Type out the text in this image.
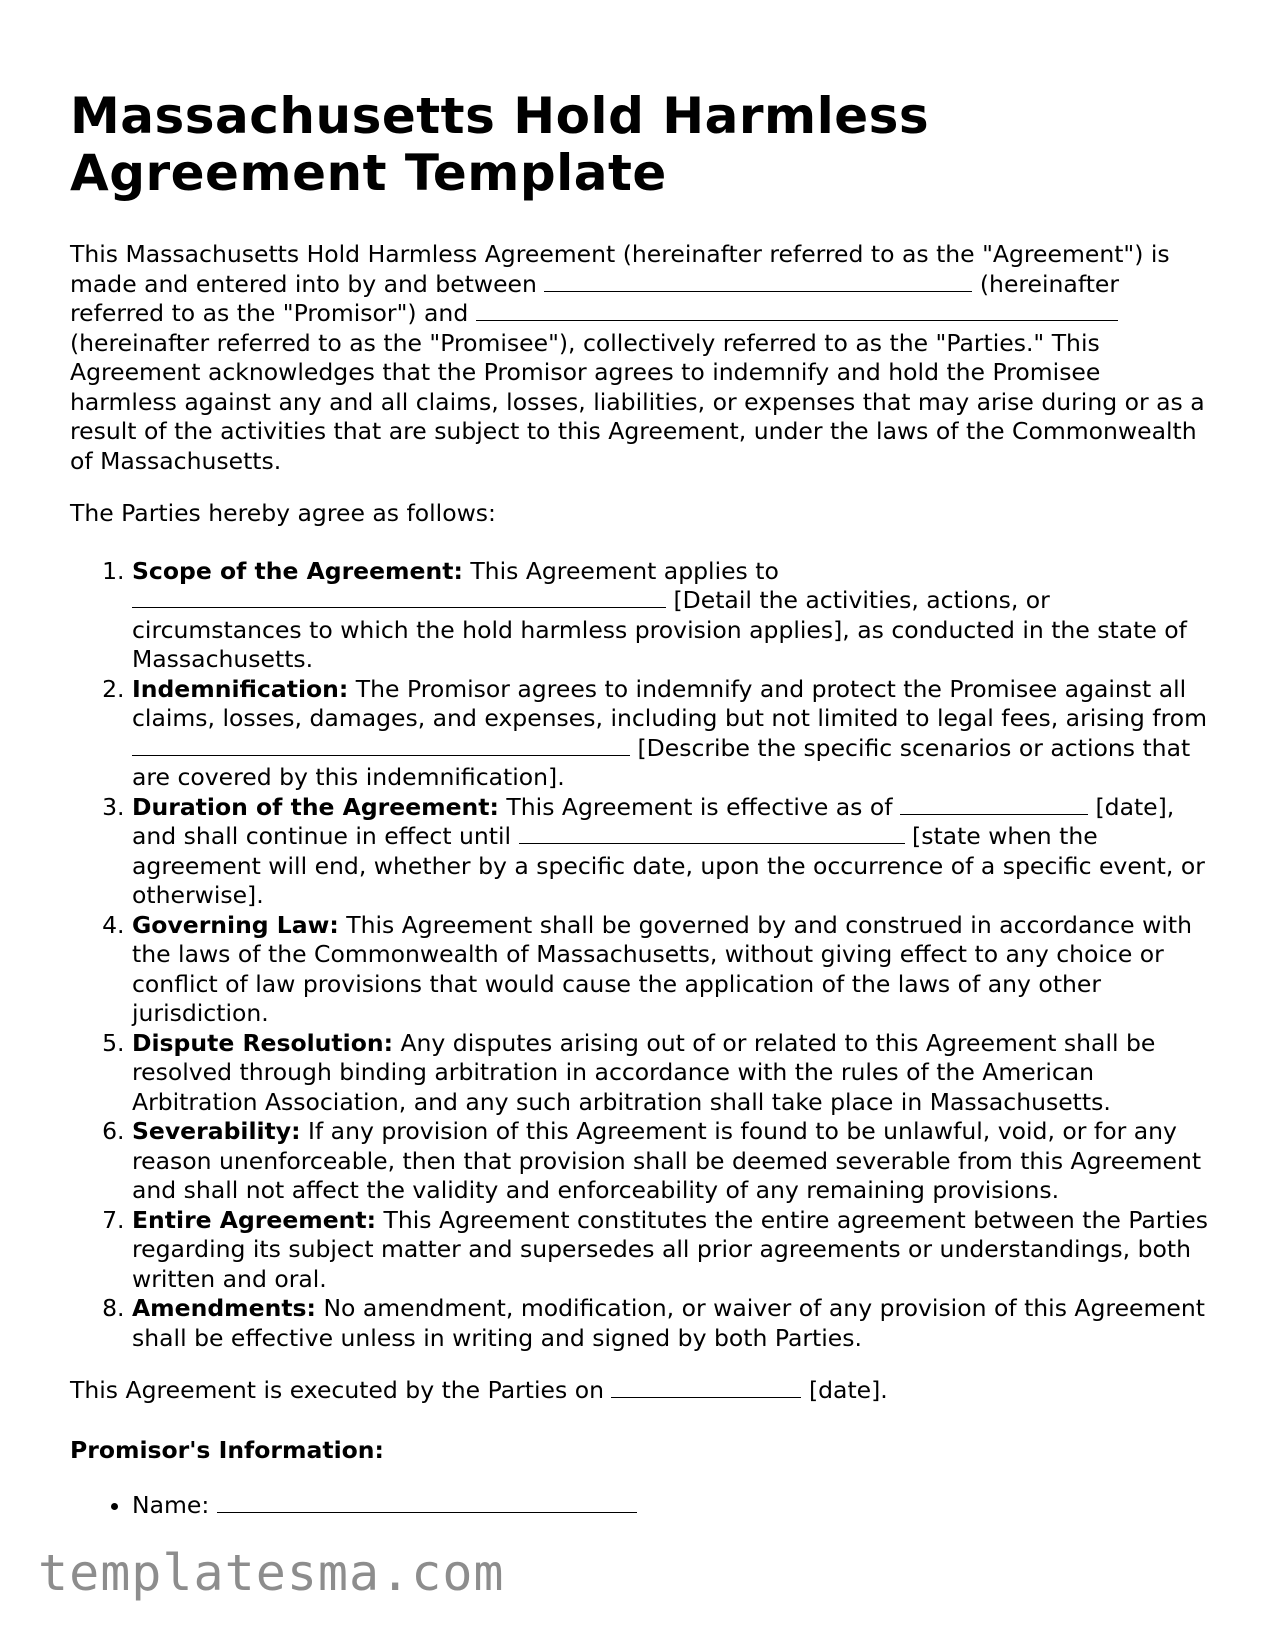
Massachusetts Hold Harmless Agreement Template

This Massachusetts Hold Harmless Agreement (hereinafter referred to as the "Agreement") is made and entered into by and between	(hereinafter referred to as the "Promisor") and  (hereinafter referred to as the "Promisee"), collectively referred to as the "Parties." This Agreement acknowledges that the Promisor agrees to indemnify and hold the Promisee harmless against any and all claims, losses, liabilities, or expenses that may arise during or as a result of the activities that are subject to this Agreement, under the laws of the Commonwealth of Massachusetts.

The Parties hereby agree as follows:

1. Scope of the Agreement: This Agreement applies to  [Detail the activities, actions, or circumstances to which the hold harmless provision applies], as conducted in the state of Massachusetts.
2. Indemnification: The Promisor agrees to indemnify and protect the Promisee against all claims, losses, damages, and expenses, including but not limited to legal fees, arising from  [Describe the specific scenarios or actions that are covered by this indemnification].
3. Duration of the Agreement: This Agreement is effective as of	[date], and shall continue in effect until	[state when the agreement will end, whether by a specific date, upon the occurrence of a specific event, or otherwise].
4. Governing Law: This Agreement shall be governed by and construed in accordance with the laws of the Commonwealth of Massachusetts, without giving effect to any choice or conflict of law provisions that would cause the application of the laws of any other jurisdiction.
5. Dispute Resolution: Any disputes arising out of or related to this Agreement shall be resolved through binding arbitration in accordance with the rules of the American Arbitration Association, and any such arbitration shall take place in Massachusetts.
6. Severability: If any provision of this Agreement is found to be unlawful, void, or for any reason unenforceable, then that provision shall be deemed severable from this Agreement and shall not affect the validity and enforceability of any remaining provisions.
7. Entire Agreement: This Agreement constitutes the entire agreement between the Parties regarding its subject matter and supersedes all prior agreements or understandings, both written and oral.
8. Amendments: No amendment, modification, or waiver of any provision of this Agreement shall be effective unless in writing and signed by both Parties.

This Agreement is executed by the Parties on	[date].

Promisor's Information:
• Name:
templatesma.com
